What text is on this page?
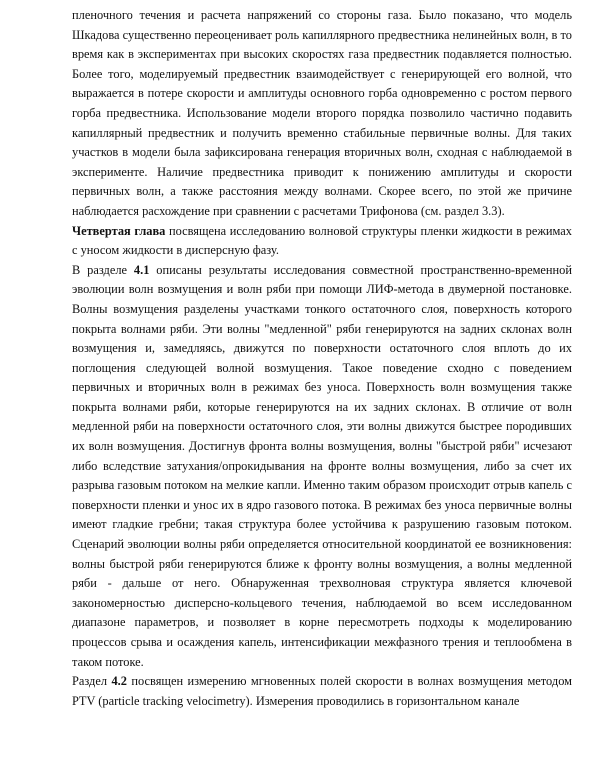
пленочного течения и расчета напряжений со стороны газа. Было показано, что модель Шкадова существенно переоценивает роль капиллярного предвестника нелинейных волн, в то время как в экспериментах при высоких скоростях газа предвестник подавляется полностью. Более того, моделируемый предвестник взаимодействует с генерирующей его волной, что выражается в потере скорости и амплитуды основного горба одновременно с ростом первого горба предвестника. Использование модели второго порядка позволило частично подавить капиллярный предвестник и получить временно стабильные первичные волны. Для таких участков в модели была зафиксирована генерация вторичных волн, сходная с наблюдаемой в эксперименте. Наличие предвестника приводит к понижению амплитуды и скорости первичных волн, а также расстояния между волнами. Скорее всего, по этой же причине наблюдается расхождение при сравнении с расчетами Трифонова (см. раздел 3.3).

Четвертая глава посвящена исследованию волновой структуры пленки жидкости в режимах с уносом жидкости в дисперсную фазу.

В разделе 4.1 описаны результаты исследования совместной пространственно-временной эволюции волн возмущения и волн ряби при помощи ЛИФ-метода в двумерной постановке. Волны возмущения разделены участками тонкого остаточного слоя, поверхность которого покрыта волнами ряби. Эти волны "медленной" ряби генерируются на задних склонах волн возмущения и, замедляясь, движутся по поверхности остаточного слоя вплоть до их поглощения следующей волной возмущения. Такое поведение сходно с поведением первичных и вторичных волн в режимах без уноса. Поверхность волн возмущения также покрыта волнами ряби, которые генерируются на их задних склонах. В отличие от волн медленной ряби на поверхности остаточного слоя, эти волны движутся быстрее породивших их волн возмущения. Достигнув фронта волны возмущения, волны "быстрой ряби" исчезают либо вследствие затухания/опрокидывания на фронте волны возмущения, либо за счет их разрыва газовым потоком на мелкие капли. Именно таким образом происходит отрыв капель с поверхности пленки и унос их в ядро газового потока. В режимах без уноса первичные волны имеют гладкие гребни; такая структура более устойчива к разрушению газовым потоком. Сценарий эволюции волны ряби определяется относительной координатой ее возникновения: волны быстрой ряби генерируются ближе к фронту волны возмущения, а волны медленной ряби - дальше от него. Обнаруженная трехволновая структура является ключевой закономерностью дисперсно-кольцевого течения, наблюдаемой во всем исследованном диапазоне параметров, и позволяет в корне пересмотреть подходы к моделированию процессов срыва и осаждения капель, интенсификации межфазного трения и теплообмена в таком потоке.

Раздел 4.2 посвящен измерению мгновенных полей скорости в волнах возмущения методом PTV (particle tracking velocimetry). Измерения проводились в горизонтальном канале
